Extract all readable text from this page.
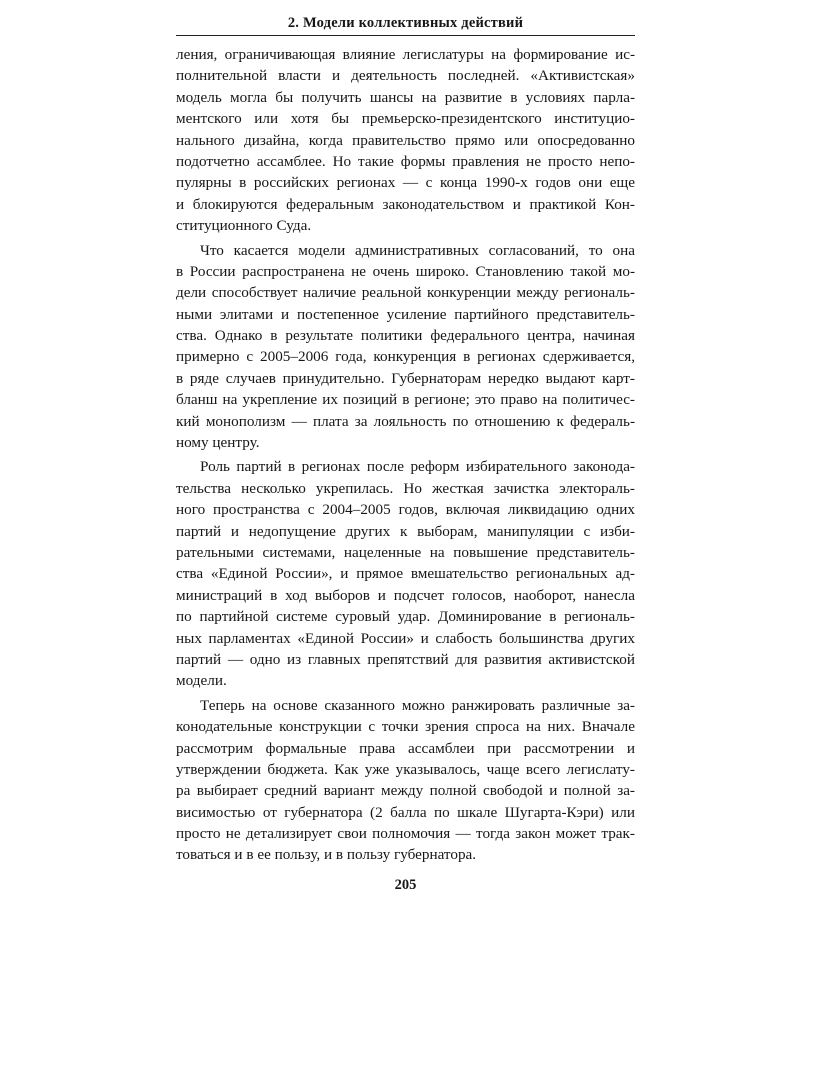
2. Модели коллективных действий

ления, ограничивающая влияние легислатуры на формирование ис-
полнительной власти и деятельность последней. «Активистская»
модель могла бы получить шансы на развитие в условиях парла-
ментского или хотя бы премьерско-президентского институцио-
нального дизайна, когда правительство прямо или опосредованно
подотчетно ассамблее. Но такие формы правления не просто непо-
пулярны в российских регионах — с конца 1990-х годов они еще
и блокируются федеральным законодательством и практикой Кон-
ституционного Суда.

Что касается модели административных согласований, то она
в России распространена не очень широко. Становлению такой мо-
дели способствует наличие реальной конкуренции между региональ-
ными элитами и постепенное усиление партийного представитель-
ства. Однако в результате политики федерального центра, начиная
примерно с 2005–2006 года, конкуренция в регионах сдерживается,
в ряде случаев принудительно. Губернаторам нередко выдают карт-
бланш на укрепление их позиций в регионе; это право на политичес-
кий монополизм — плата за лояльность по отношению к федераль-
ному центру.

Роль партий в регионах после реформ избирательного законода-
тельства несколько укрепилась. Но жесткая зачистка электораль-
ного пространства с 2004–2005 годов, включая ликвидацию одних
партий и недопущение других к выборам, манипуляции с изби-
рательными системами, нацеленные на повышение представитель-
ства «Единой России», и прямое вмешательство региональных ад-
министраций в ход выборов и подсчет голосов, наоборот, нанесла
по партийной системе суровый удар. Доминирование в региональ-
ных парламентах «Единой России» и слабость большинства других
партий — одно из главных препятствий для развития активистской
модели.

Теперь на основе сказанного можно ранжировать различные за-
конодательные конструкции с точки зрения спроса на них. Вначале
рассмотрим формальные права ассамблеи при рассмотрении и
утверждении бюджета. Как уже указывалось, чаще всего легислату-
ра выбирает средний вариант между полной свободой и полной за-
висимостью от губернатора (2 балла по шкале Шугарта-Кэри) или
просто не детализирует свои полномочия — тогда закон может трак-
товаться и в ее пользу, и в пользу губернатора.

205
